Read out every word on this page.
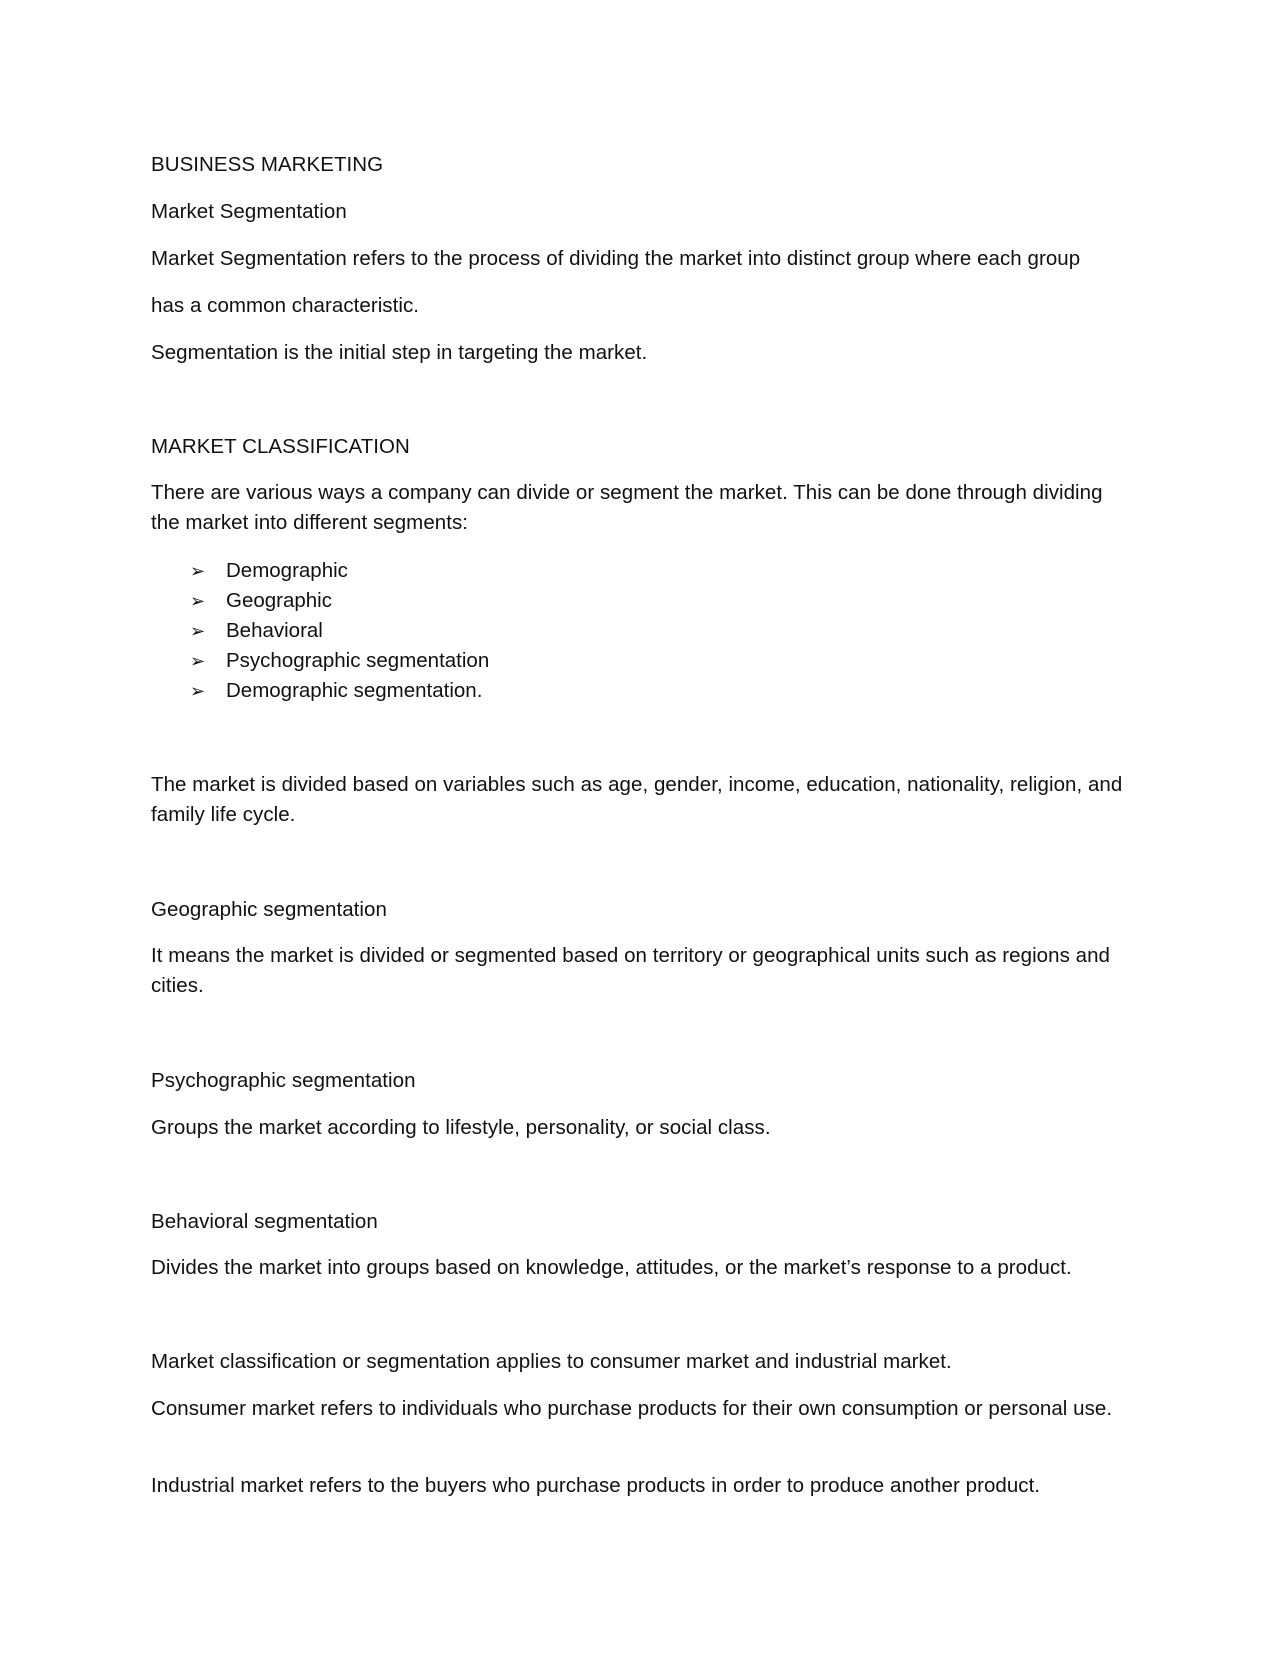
BUSINESS MARKETING
Market Segmentation
Market Segmentation refers to the process of dividing the market into distinct group where each group
has a common characteristic.
Segmentation is the initial step in targeting the market.
MARKET CLASSIFICATION
There are various ways a company can divide or segment the market. This can be done through dividing the market into different segments:
➢	Demographic
➢	Geographic
➢	Behavioral
➢	Psychographic segmentation
➢	Demographic segmentation.
The market is divided based on variables such as age, gender, income, education, nationality, religion, and family life cycle.
Geographic segmentation
It means the market is divided or segmented based on territory or geographical units such as regions and cities.
Psychographic segmentation
Groups the market according to lifestyle, personality, or social class.
Behavioral segmentation
Divides the market into groups based on knowledge, attitudes, or the market’s response to a product.
Market classification or segmentation applies to consumer market and industrial market.
Consumer market refers to individuals who purchase products for their own consumption or personal use.
Industrial market refers to the buyers who purchase products in order to produce another product.
